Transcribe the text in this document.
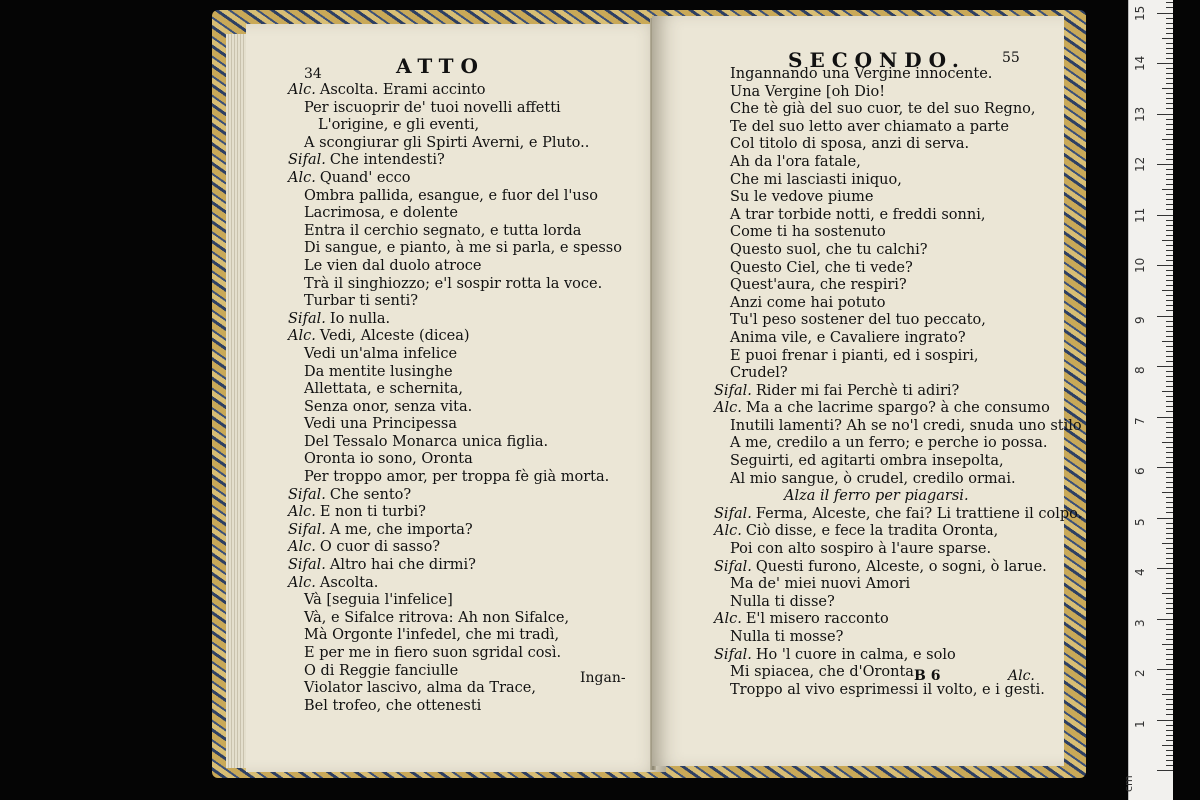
34	ATTO
Alc. Ascolta. Erami accinto
Per iscuoprir de' tuoi novelli affetti
L'origine, e gli eventi,
A scongiurar gli Spirti Averni, e Pluto..
Sifal. Che intendesti?
Alc. Quand' ecco
Ombra pallida, esangue, e fuor del l'uso
Lacrimosa, e dolente
Entra il cerchio segnato, e tutta lorda
Di sangue, e pianto, à me si parla, e spesso
Le vien dal duolo atroce
Trà il singhiozzo; e'l sospir rotta la voce.
Turbar ti senti?
Sifal. Io nulla.
Alc. Vedi, Alceste (dicea)
Vedi un'alma infelice
Da mentite lusinghe
Allettata, e schernita,
Senza onor, senza vita.
Vedi una Principessa
Del Tessalo Monarca unica figlia.
Oronta io sono, Oronta
Per troppo amor, per troppa fè già morta.
Sifal. Che sento?
Alc. E non ti turbi?
Sifal. A me, che importa?
Alc. O cuor di sasso?
Sifal. Altro hai che dirmi?
Alc. Ascolta.
Và [seguia l'infelice]
Và, e Sifalce ritrova: Ah non Sifalce,
Mà Orgonte l'infedel, che mi tradì,
E per me in fiero suon sgridal così.
O di Reggie fanciulle
Violator lascivo, alma da Trace,
Bel trofeo, che ottenesti
Ingan-
SECONDO.	55
Ingannando una Vergine innocente.
Una Vergine [oh Dio!
Che tè già del suo cuor, te del suo Regno,
Te del suo letto aver chiamato a parte
Col titolo di sposa, anzi di serva.
Ah da l'ora fatale,
Che mi lasciasti iniquo,
Su le vedove piume
A trar torbide notti, e freddi sonni,
Come ti ha sostenuto
Questo suol, che tu calchi?
Questo Ciel, che ti vede?
Quest'aura, che respiri?
Anzi come hai potuto
Tu'l peso sostener del tuo peccato,
Anima vile, e Cavaliere ingrato?
E puoi frenar i pianti, ed i sospiri,
Crudel?
Sifal. Rider mi fai Perchè ti adiri?
Alc. Ma a che lacrime spargo? à che consumo
Inutili lamenti? Ah se no'l credi, snuda uno stilo
A me, credilo a un ferro; e perche io possa.
Seguirti, ed agitarti ombra insepolta,
Al mio sangue, ò crudel, credilo ormai.
Alza il ferro per piagarsi.
Sifal. Ferma, Alceste, che fai? Li trattiene il colpo.
Alc. Ciò disse, e fece la tradita Oronta,
Poi con alto sospiro à l'aure sparse.
Sifal. Questi furono, Alceste, o sogni, ò larue.
Ma de' miei nuovi Amori
Nulla ti disse?
Alc. E'l misero racconto
Nulla ti mosse?
Sifal. Ho 'l cuore in calma, e solo
Mi spiacea, che d'Oronta
Troppo al vivo esprimessi il volto, e i gesti.
B 6	Alc.
cm
1
2
3
4
5
6
7
8
9
10
11
12
13
14
15
